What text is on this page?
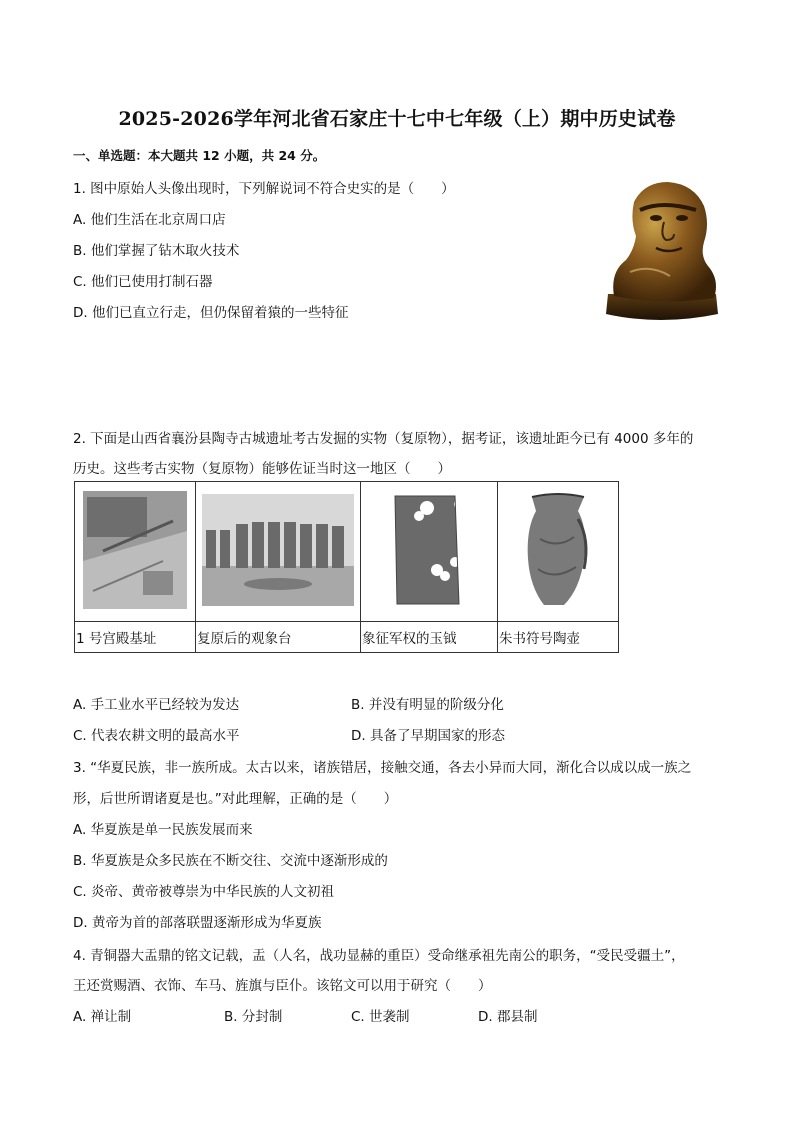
2025-2026学年河北省石家庄十七中七年级（上）期中历史试卷
一、单选题：本大题共 12 小题，共 24 分。
1. 图中原始人头像出现时，下列解说词不符合史实的是（　　）
A. 他们生活在北京周口店
B. 他们掌握了钻木取火技术
C. 他们已使用打制石器
D. 他们已直立行走，但仍保留着猿的一些特征
2. 下面是山西省襄汾县陶寺古城遗址考古发掘的实物（复原物），据考证，该遗址距今已有 4000 多年的
历史。这些考古实物（复原物）能够佐证当时这一地区（　　）

1 号宫殿基址	复原后的观象台	象征军权的玉钺	朱书符号陶壶
A. 手工业水平已经较为发达	B. 并没有明显的阶级分化
C. 代表农耕文明的最高水平	D. 具备了早期国家的形态
3. “华夏民族，非一族所成。太古以来，诸族错居，接触交通，各去小异而大同，渐化合以成以成一族之
形，后世所谓诸夏是也。”对此理解，正确的是（　　）
A. 华夏族是单一民族发展而来
B. 华夏族是众多民族在不断交往、交流中逐渐形成的
C. 炎帝、黄帝被尊崇为中华民族的人文初祖
D. 黄帝为首的部落联盟逐渐形成为华夏族
4. 青铜器大盂鼎的铭文记载，盂（人名，战功显赫的重臣）受命继承祖先南公的职务，“受民受疆土”，
王还赏赐酒、衣饰、车马、旌旗与臣仆。该铭文可以用于研究（　　）
A. 禅让制	B. 分封制	C. 世袭制	D. 郡县制
